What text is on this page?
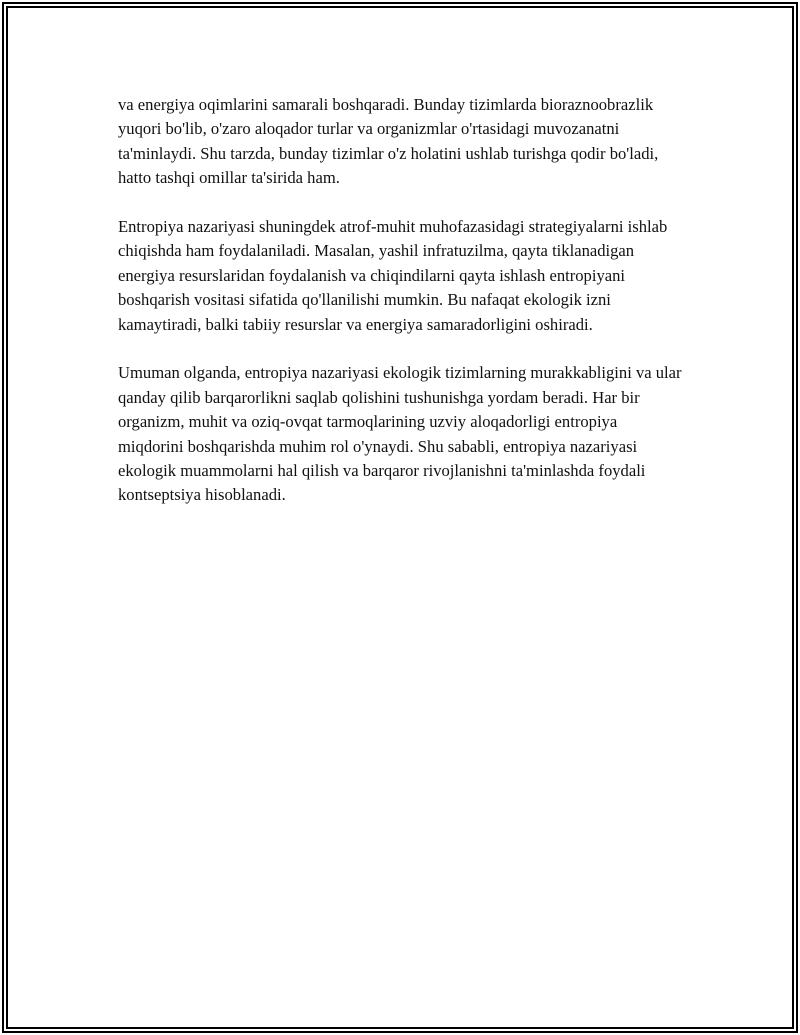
va energiya oqimlarini samarali boshqaradi. Bunday tizimlarda bioraznoobrazlik yuqori bo'lib, o'zaro aloqador turlar va organizmlar o'rtasidagi muvozanatni ta'minlaydi. Shu tarzda, bunday tizimlar o'z holatini ushlab turishga qodir bo'ladi, hatto tashqi omillar ta'sirida ham.

Entropiya nazariyasi shuningdek atrof-muhit muhofazasidagi strategiyalarni ishlab chiqishda ham foydalaniladi. Masalan, yashil infratuzilma, qayta tiklanadigan energiya resurslaridan foydalanish va chiqindilarni qayta ishlash entropiyani boshqarish vositasi sifatida qo'llanilishi mumkin. Bu nafaqat ekologik izni kamaytiradi, balki tabiiy resurslar va energiya samaradorligini oshiradi.

Umuman olganda, entropiya nazariyasi ekologik tizimlarning murakkabligini va ular qanday qilib barqarorlikni saqlab qolishini tushunishga yordam beradi. Har bir organizm, muhit va oziq-ovqat tarmoqlarining uzviy aloqadorligi entropiya miqdorini boshqarishda muhim rol o'ynaydi. Shu sababli, entropiya nazariyasi ekologik muammolarni hal qilish va barqaror rivojlanishni ta'minlashda foydali kontseptsiya hisoblanadi.
